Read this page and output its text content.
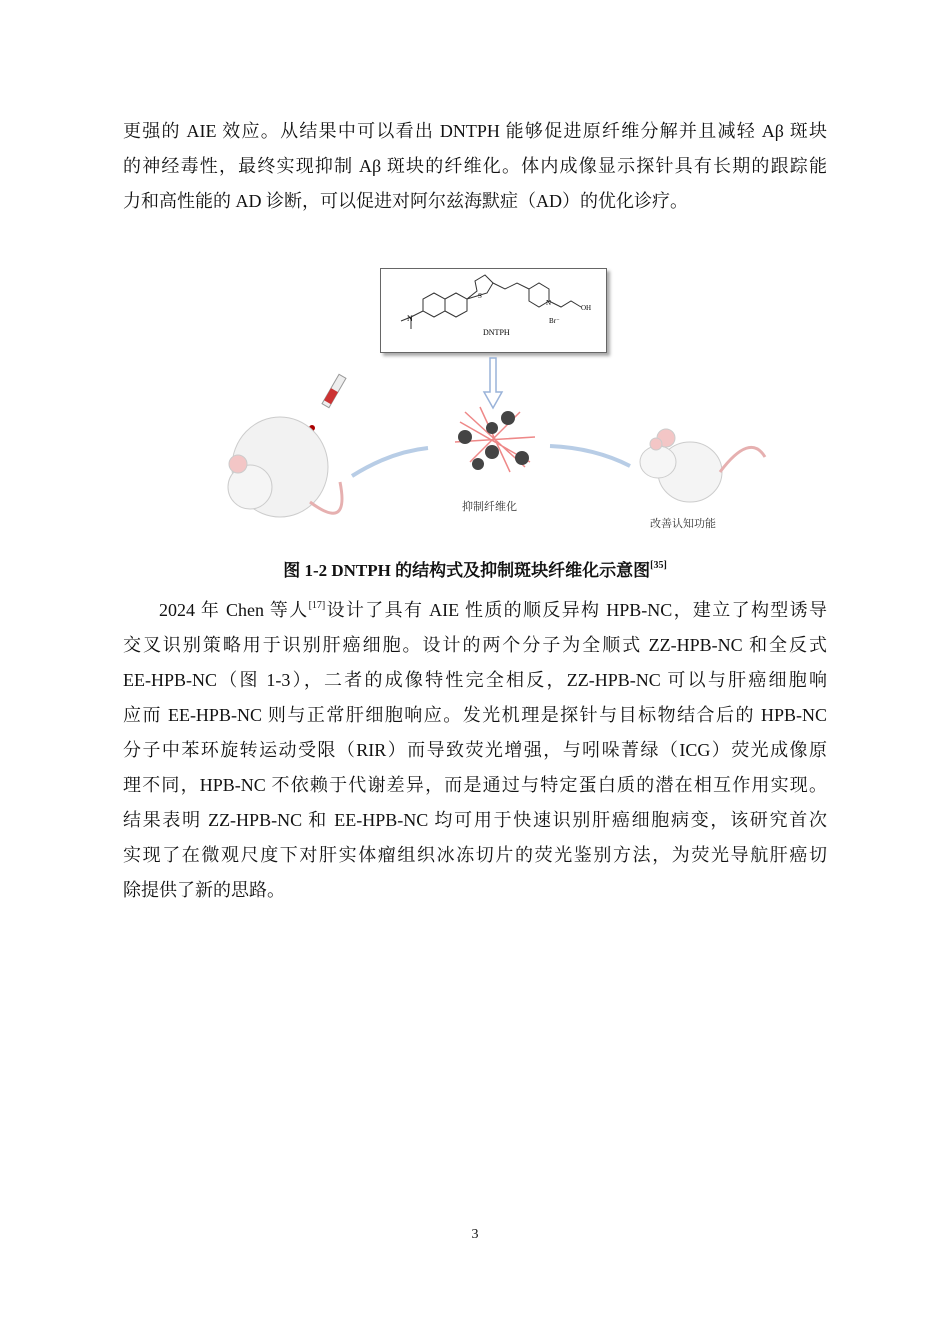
更强的 AIE 效应。从结果中可以看出 DNTPH 能够促进原纤维分解并且减轻 Aβ 斑块
的神经毒性，最终实现抑制 Aβ 斑块的纤维化。体内成像显示探针具有长期的跟踪能
力和高性能的 AD 诊断，可以促进对阿尔兹海默症（AD）的优化诊疗。
N
S
N
OH
Br⁻
DNTPH
抑制纤维化
改善认知功能
图 1-2 DNTPH 的结构式及抑制斑块纤维化示意图[35]
2024 年 Chen 等人[17]设计了具有 AIE 性质的顺反异构 HPB-NC，建立了构型诱导
交叉识别策略用于识别肝癌细胞。设计的两个分子为全顺式 ZZ-HPB-NC 和全反式
EE-HPB-NC（图 1-3），二者的成像特性完全相反，ZZ-HPB-NC 可以与肝癌细胞响
应而 EE-HPB-NC 则与正常肝细胞响应。发光机理是探针与目标物结合后的 HPB-NC
分子中苯环旋转运动受限（RIR）而导致荧光增强，与吲哚菁绿（ICG）荧光成像原
理不同，HPB-NC 不依赖于代谢差异，而是通过与特定蛋白质的潜在相互作用实现。
结果表明 ZZ-HPB-NC 和 EE-HPB-NC 均可用于快速识别肝癌细胞病变，该研究首次
实现了在微观尺度下对肝实体瘤组织冰冻切片的荧光鉴别方法，为荧光导航肝癌切
除提供了新的思路。
3
